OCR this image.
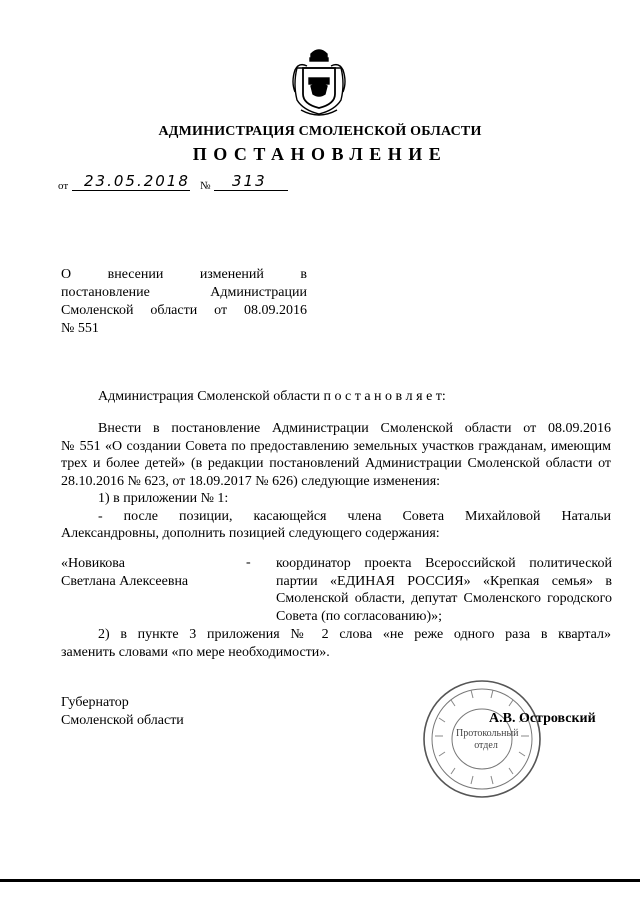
АДМИНИСТРАЦИЯ СМОЛЕНСКОЙ ОБЛАСТИ
ПОСТАНОВЛЕНИЕ
от 23.05.2018 № 313
О внесении изменений в
постановление Администрации
Смоленской области от 08.09.2016
№ 551
Администрация Смоленской области п о с т а н о в л я е т:
Внести в постановление Администрации Смоленской области от 08.09.2016
№ 551 «О создании Совета по предоставлению земельных участков гражданам, имеющим трех и более детей» (в редакции постановлений Администрации Смоленской области от 28.10.2016 № 623, от 18.09.2017 № 626) следующие изменения:
1) в приложении № 1:
- после позиции, касающейся члена Совета Михайловой Натальи
Александровны, дополнить позицией следующего содержания:
«Новикова
Светлана Алексеевна
- координатор проекта Всероссийской политической партии «ЕДИНАЯ РОССИЯ» «Крепкая семья» в Смоленской области, депутат Смоленского городского Совета (по согласованию)»;
2) в пункте 3 приложения № 2 слова «не реже одного раза в квартал»
заменить словами «по мере необходимости».
Губернатор
Смоленской области
Протокольный
отдел
А.В. Островский
